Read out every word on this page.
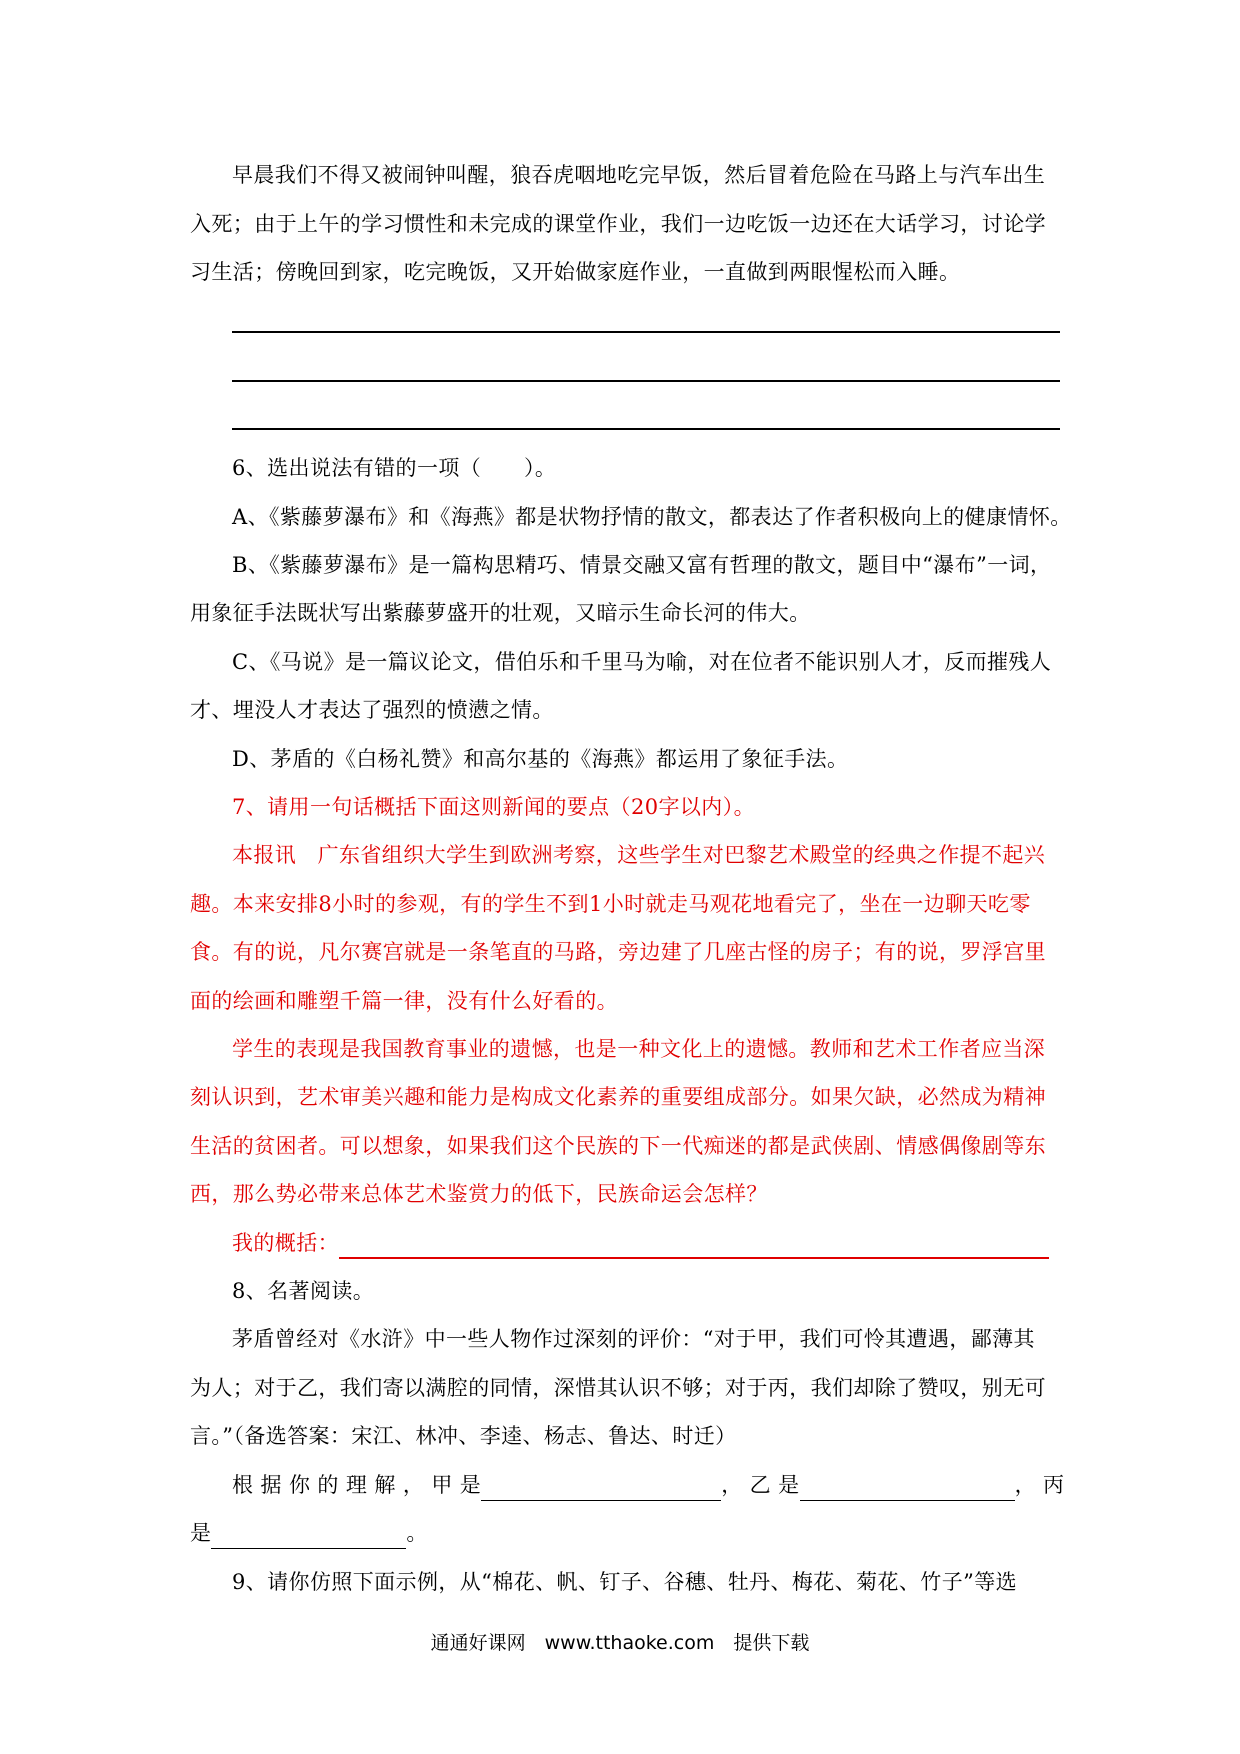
早晨我们不得又被闹钟叫醒，狼吞虎咽地吃完早饭，然后冒着危险在马路上与汽车出生
入死；由于上午的学习惯性和未完成的课堂作业，我们一边吃饭一边还在大话学习，讨论学
习生活；傍晚回到家，吃完晚饭，又开始做家庭作业，一直做到两眼惺松而入睡。
6、选出说法有错的一项（　　）。
A、《紫藤萝瀑布》和《海燕》都是状物抒情的散文，都表达了作者积极向上的健康情怀。
B、《紫藤萝瀑布》是一篇构思精巧、情景交融又富有哲理的散文，题目中“瀑布”一词，
用象征手法既状写出紫藤萝盛开的壮观，又暗示生命长河的伟大。
C、《马说》是一篇议论文，借伯乐和千里马为喻，对在位者不能识别人才，反而摧残人
才、埋没人才表达了强烈的愤懑之情。
D、茅盾的《白杨礼赞》和高尔基的《海燕》都运用了象征手法。
7、请用一句话概括下面这则新闻的要点（20字以内）。
本报讯　广东省组织大学生到欧洲考察，这些学生对巴黎艺术殿堂的经典之作提不起兴
趣。本来安排8小时的参观，有的学生不到1小时就走马观花地看完了，坐在一边聊天吃零
食。有的说，凡尔赛宫就是一条笔直的马路，旁边建了几座古怪的房子；有的说，罗浮宫里
面的绘画和雕塑千篇一律，没有什么好看的。
学生的表现是我国教育事业的遗憾，也是一种文化上的遗憾。教师和艺术工作者应当深
刻认识到，艺术审美兴趣和能力是构成文化素养的重要组成部分。如果欠缺，必然成为精神
生活的贫困者。可以想象，如果我们这个民族的下一代痴迷的都是武侠剧、情感偶像剧等东
西，那么势必带来总体艺术鉴赏力的低下，民族命运会怎样？
我的概括：
8、名著阅读。
茅盾曾经对《水浒》中一些人物作过深刻的评价：“对于甲，我们可怜其遭遇，鄙薄其
为人；对于乙，我们寄以满腔的同情，深惜其认识不够；对于丙，我们却除了赞叹，别无可
言。”（备选答案：宋江、林冲、李逵、杨志、鲁达、时迁）
根 据 你 的 理 解 ， 甲 是	， 乙 是	， 丙
是	。
9、请你仿照下面示例，从“棉花、帆、钉子、谷穗、牡丹、梅花、菊花、竹子”等选
通通好课网　www.tthaoke.com　提供下载
